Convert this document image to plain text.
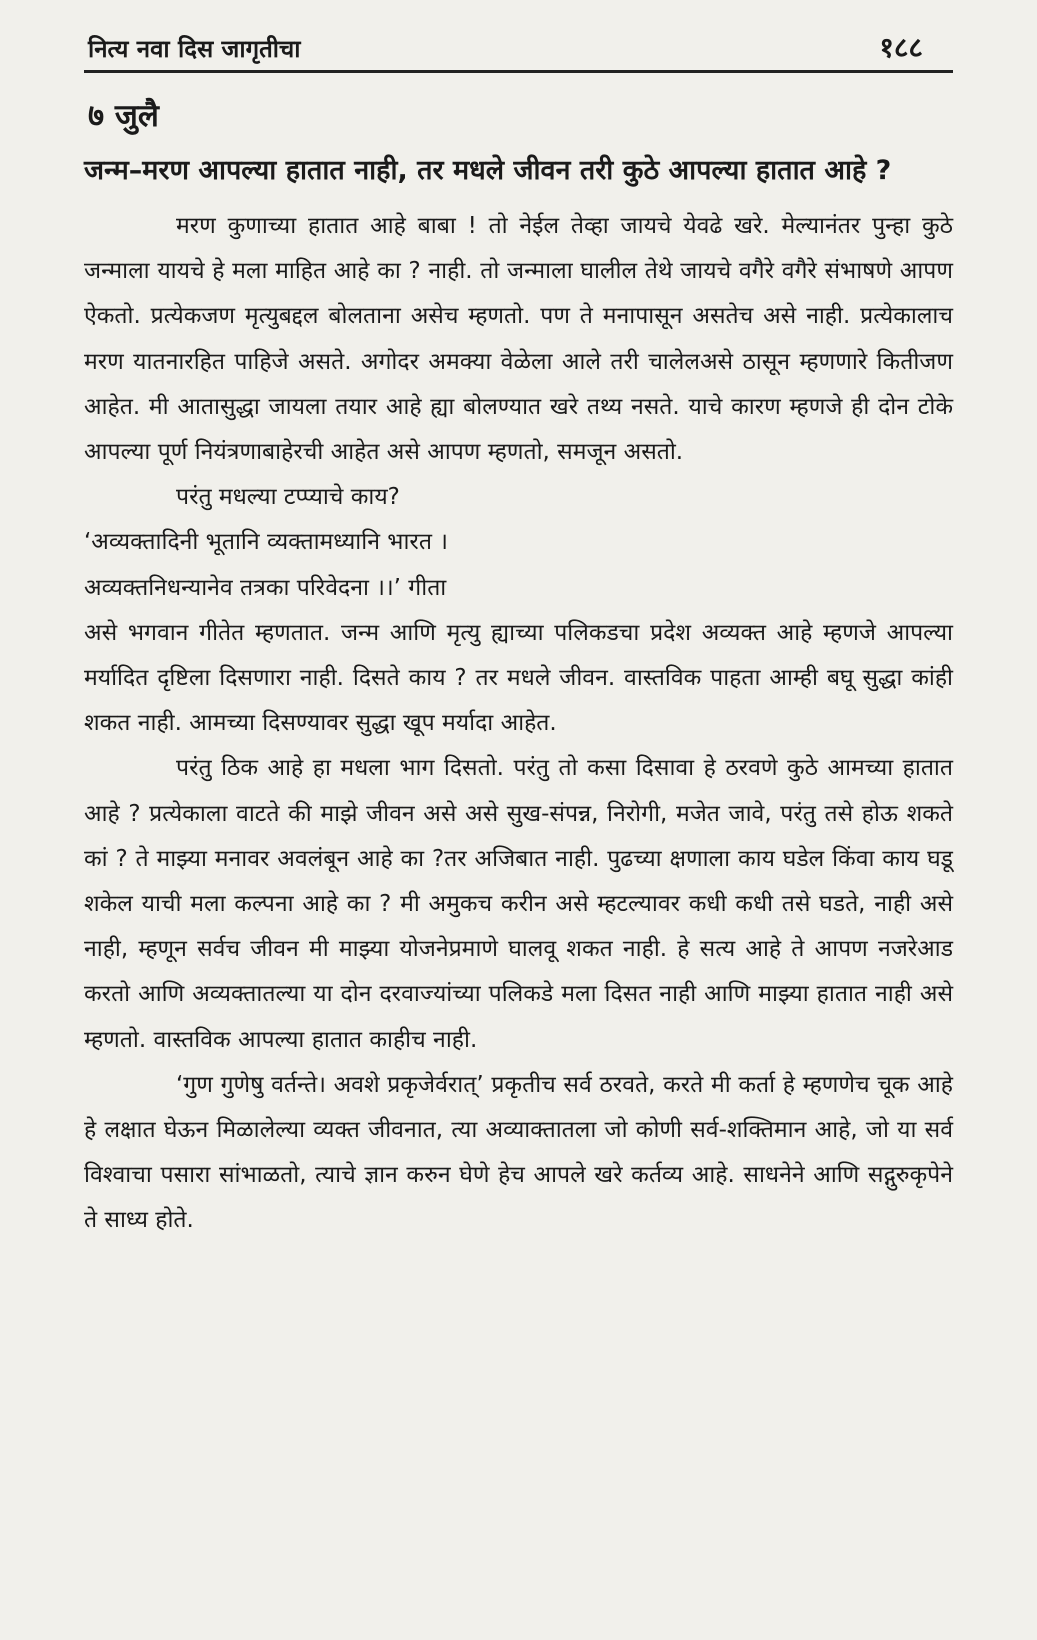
नित्य नवा दिस जागृतीचा	१८८
७ जुलै
जन्म–मरण आपल्या हातात नाही, तर मधले जीवन तरी कुठे आपल्या हातात आहे ?

मरण कुणाच्या हातात आहे बाबा ! तो नेईल तेव्हा जायचे येवढे खरे. मेल्यानंतर पुन्हा कुठे जन्माला यायचे हे मला माहित आहे का ? नाही. तो जन्माला घालील तेथे जायचे वगैरे वगैरे संभाषणे आपण ऐकतो. प्रत्येकजण मृत्युबद्दल बोलताना असेच म्हणतो. पण ते मनापासून असतेच असे नाही. प्रत्येकालाच मरण यातनारहित पाहिजे असते. अगोदर अमक्या वेळेला आले तरी चालेलअसे ठासून म्हणणारे कितीजण आहेत. मी आतासुद्धा जायला तयार आहे ह्या बोलण्यात खरे तथ्य नसते. याचे कारण म्हणजे ही दोन टोके आपल्या पूर्ण नियंत्रणाबाहेरची आहेत असे आपण म्हणतो, समजून असतो.

परंतु मधल्या टप्प्याचे काय?

‘अव्यक्तादिनी भूतानि व्यक्तामध्यानि भारत ।

अव्यक्तनिधन्यानेव तत्रका परिवेदना ।।’ गीता

असे भगवान गीतेत म्हणतात. जन्म आणि मृत्यु ह्याच्या पलिकडचा प्रदेश अव्यक्त आहे म्हणजे आपल्या मर्यादित दृष्टिला दिसणारा नाही. दिसते काय ? तर मधले जीवन. वास्तविक पाहता आम्ही बघू सुद्धा कांही शकत नाही. आमच्या दिसण्यावर सुद्धा खूप मर्यादा आहेत.

परंतु ठिक आहे हा मधला भाग दिसतो. परंतु तो कसा दिसावा हे ठरवणे कुठे आमच्या हातात आहे ? प्रत्येकाला वाटते की माझे जीवन असे असे सुख-संपन्न, निरोगी, मजेत जावे, परंतु तसे होऊ शकते कां ? ते माझ्या मनावर अवलंबून आहे का ?तर अजिबात नाही. पुढच्या क्षणाला काय घडेल किंवा काय घडू शकेल याची मला कल्पना आहे का ? मी अमुकच करीन असे म्हटल्यावर कधी कधी तसे घडते, नाही असे नाही, म्हणून सर्वच जीवन मी माझ्या योजनेप्रमाणे घालवू शकत नाही. हे सत्य आहे ते आपण नजरेआड करतो आणि अव्यक्तातल्या या दोन दरवाज्यांच्या पलिकडे मला दिसत नाही आणि माझ्या हातात नाही असे म्हणतो. वास्तविक आपल्या हातात काहीच नाही.

‘गुण गुणेषु वर्तन्ते। अवशे प्रकृजेर्वरात्’ प्रकृतीच सर्व ठरवते, करते मी कर्ता हे म्हणणेच चूक आहे हे लक्षात घेऊन मिळालेल्या व्यक्त जीवनात, त्या अव्याक्तातला जो कोणी सर्व-शक्तिमान आहे, जो या सर्व विश्वाचा पसारा सांभाळतो, त्याचे ज्ञान करुन घेणे हेच आपले खरे कर्तव्य आहे. साधनेने आणि सद्गुरुकृपेने ते साध्य होते.
